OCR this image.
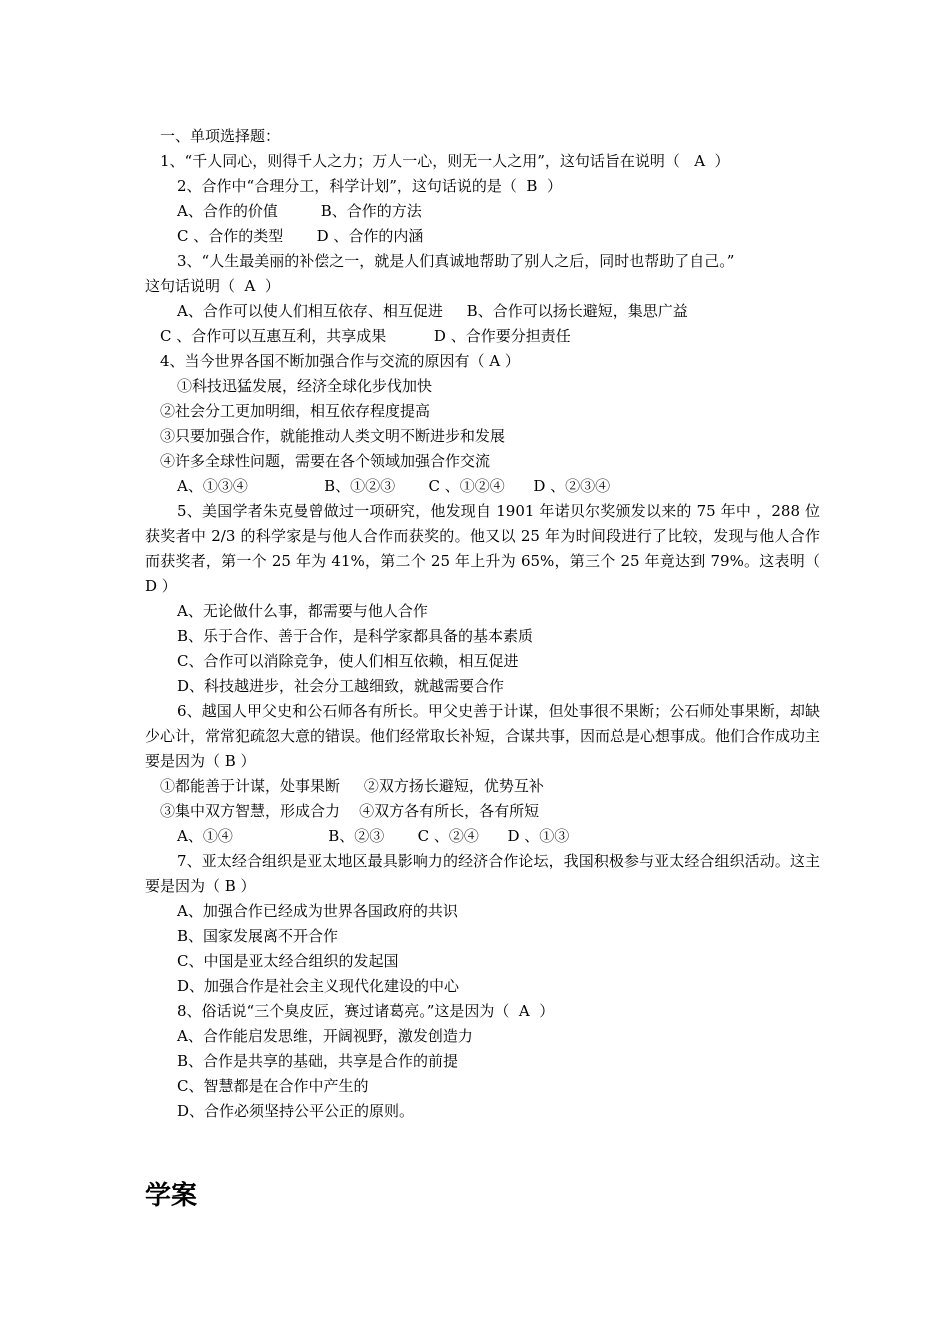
一、单项选择题：
1、“千人同心，则得千人之力；万人一心，则无一人之用”，这句话旨在说明（   A  ）
2、合作中“合理分工，科学计划”，这句话说的是（  B  ）
A、合作的价值         B、合作的方法
C 、合作的类型       D 、合作的内涵
3、“人生最美丽的补偿之一，就是人们真诚地帮助了别人之后，同时也帮助了自己。”
这句话说明（  A  ）
A、合作可以使人们相互依存、相互促进     B、合作可以扬长避短，集思广益
C 、合作可以互惠互利，共享成果          D 、合作要分担责任
4、当今世界各国不断加强合作与交流的原因有（ A ）
①科技迅猛发展，经济全球化步伐加快
②社会分工更加明细，相互依存程度提高
③只要加强合作，就能推动人类文明不断进步和发展
④许多全球性问题，需要在各个领域加强合作交流
A、①③④                B、①②③       C 、①②④      D 、②③④
5、美国学者朱克曼曾做过一项研究，他发现自 1901 年诺贝尔奖颁发以来的 75 年中 ，288 位获奖者中 2/3 的科学家是与他人合作而获奖的。他又以 25 年为时间段进行了比较，发现与他人合作而获奖者，第一个 25 年为 41%，第二个 25 年上升为 65%，第三个 25 年竟达到 79%。这表明（ D ）
A、无论做什么事，都需要与他人合作
B、乐于合作、善于合作，是科学家都具备的基本素质
C、合作可以消除竞争，使人们相互依赖，相互促进
D、科技越进步，社会分工越细致，就越需要合作
6、越国人甲父史和公石师各有所长。甲父史善于计谋，但处事很不果断；公石师处事果断，却缺少心计，常常犯疏忽大意的错误。他们经常取长补短，合谋共事，因而总是心想事成。他们合作成功主要是因为（ B ）
①都能善于计谋，处事果断     ②双方扬长避短，优势互补
③集中双方智慧，形成合力    ④双方各有所长，各有所短
A、①④                    B、②③       C 、②④      D 、①③
7、亚太经合组织是亚太地区最具影响力的经济合作论坛，我国积极参与亚太经合组织活动。这主要是因为（ B ）
A、加强合作已经成为世界各国政府的共识
B、国家发展离不开合作
C、中国是亚太经合组织的发起国
D、加强合作是社会主义现代化建设的中心
8、俗话说“三个臭皮匠，赛过诸葛亮。”这是因为（  A  ）
A、合作能启发思维，开阔视野，激发创造力
B、合作是共享的基础，共享是合作的前提
C、智慧都是在合作中产生的
D、合作必须坚持公平公正的原则。
学案
